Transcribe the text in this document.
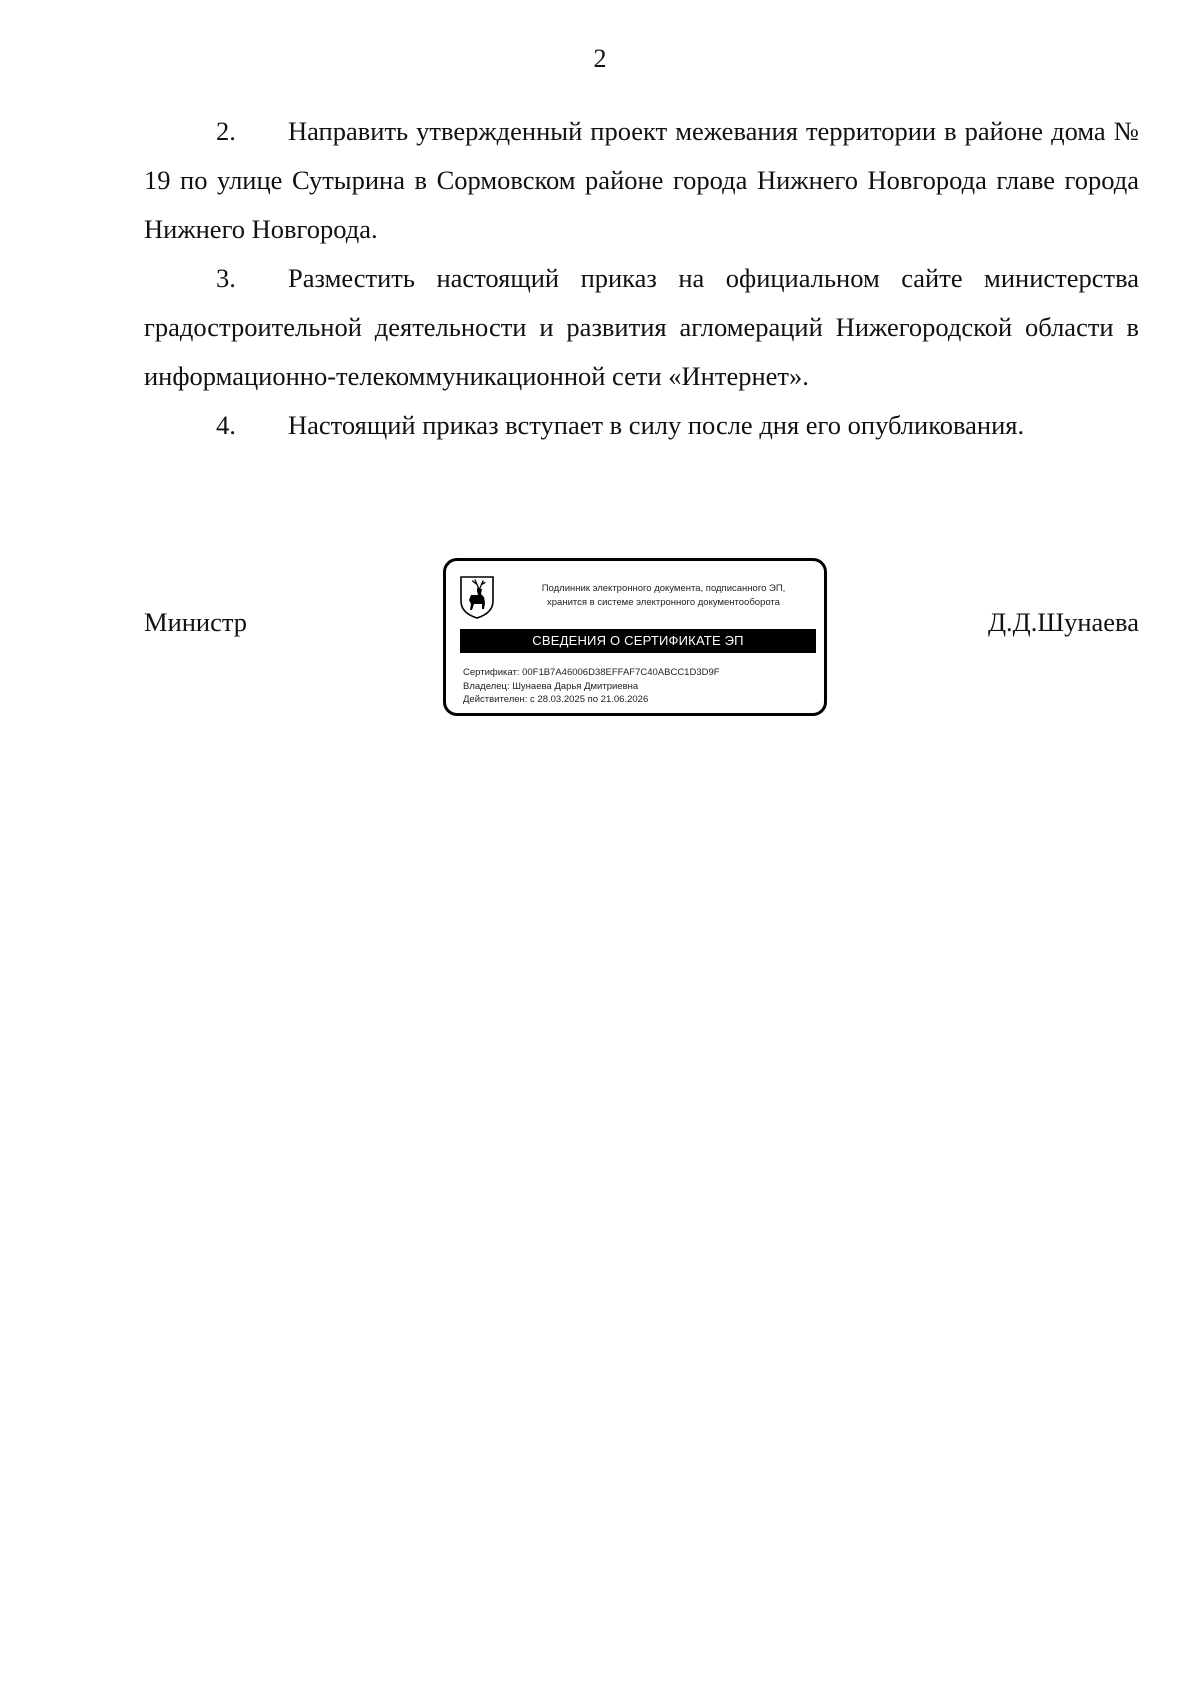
2

2. Направить утвержденный проект межевания территории в районе дома № 19 по улице Сутырина в Сормовском районе города Нижнего Новгорода главе города Нижнего Новгорода.

3. Разместить настоящий приказ на официальном сайте министерства градостроительной деятельности и развития агломераций Нижегородской области в информационно-телекоммуникационной сети «Интернет».

4. Настоящий приказ вступает в силу после дня его опубликования.

Министр	Д.Д.Шунаева
Подлинник электронного документа, подписанного ЭП,
хранится в системе электронного документооборота
СВЕДЕНИЯ О СЕРТИФИКАТЕ ЭП
Сертификат: 00F1B7A46006D38EFFAF7C40ABCC1D3D9F
Владелец: Шунаева Дарья Дмитриевна
Действителен: с 28.03.2025 по 21.06.2026
